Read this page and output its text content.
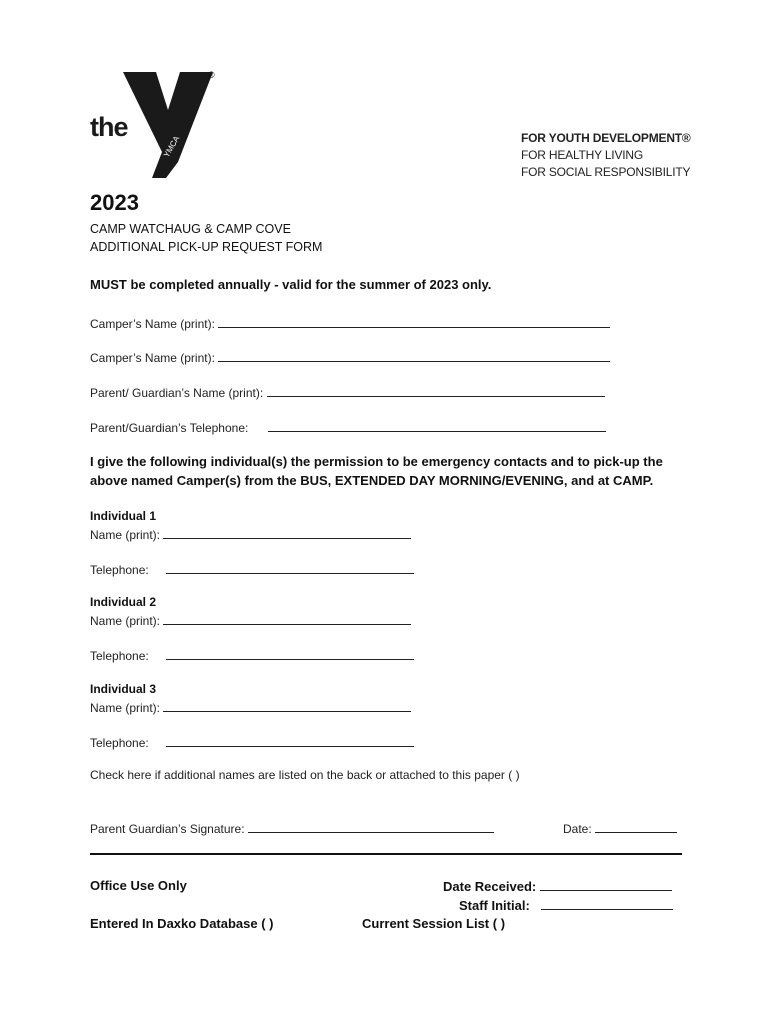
the
YMCA
®
FOR YOUTH DEVELOPMENT®
FOR HEALTHY LIVING
FOR SOCIAL RESPONSIBILITY
2023
CAMP WATCHAUG & CAMP COVE
ADDITIONAL PICK-UP REQUEST FORM
MUST be completed annually - valid for the summer of 2023 only.
Camper’s Name (print):
Camper’s Name (print):
Parent/ Guardian’s Name (print):
Parent/Guardian’s Telephone:
I give the following individual(s) the permission to be emergency contacts and to pick-up the
above named Camper(s) from the BUS, EXTENDED DAY MORNING/EVENING, and at CAMP.
Individual 1
Name (print):
Telephone:
Individual 2
Name (print):
Telephone:
Individual 3
Name (print):
Telephone:
Check here if additional names are listed on the back or attached to this paper ( )
Parent Guardian’s Signature:	Date:
Office Use Only	Date Received:
Staff Initial:
Entered In Daxko Database ( )	Current Session List ( )
